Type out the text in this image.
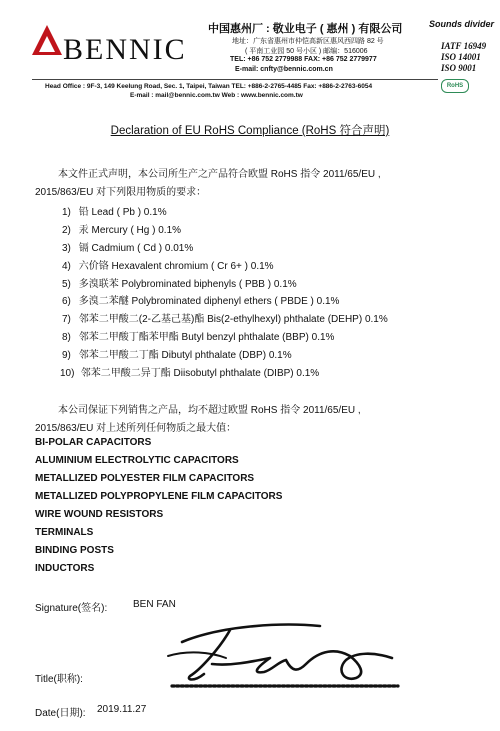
BENNIC
中国惠州厂 : 敬业电子 ( 惠州 ) 有限公司
地址：广东省惠州市仲恺高新区惠风西四路 82 号
( 平南工业园 50 号小区 ) 邮编：516006
TEL: +86 752 2779988 FAX: +86 752 2779977
E-mail: cnfty@bennic.com.cn
Sounds divider
IATF 16949
ISO 14001
ISO 9001
RoHS
Head Office : 9F-3, 149 Keelung Road, Sec. 1, Taipei, Taiwan TEL: +886-2-2765-4485 Fax: +886-2-2763-6054
E-mail : mail@bennic.com.tw Web : www.bennic.com.tw
Declaration of EU RoHS Compliance (RoHS 符合声明)
本文件正式声明，本公司所生产之产品符合欧盟 RoHS 指令 2011/65/EU ,
2015/863/EU 对下列限用物质的要求：
1) 铅 Lead ( Pb ) 0.1%
2) 汞 Mercury ( Hg ) 0.1%
3) 镉 Cadmium ( Cd ) 0.01%
4) 六价铬 Hexavalent chromium ( Cr 6+ ) 0.1%
5) 多溴联苯 Polybrominated biphenyls ( PBB ) 0.1%
6) 多溴二苯醚 Polybrominated diphenyl ethers ( PBDE ) 0.1%
7) 邻苯二甲酸二(2-乙基己基)酯 Bis(2-ethylhexyl) phthalate (DEHP) 0.1%
8) 邻苯二甲酸丁酯苯甲酯 Butyl benzyl phthalate (BBP) 0.1%
9) 邻苯二甲酸二丁酯 Dibutyl phthalate (DBP) 0.1%
10) 邻苯二甲酸二异丁酯 Diisobutyl phthalate (DIBP) 0.1%
本公司保证下列销售之产品，均不超过欧盟 RoHS 指令 2011/65/EU ,
2015/863/EU 对上述所列任何物质之最大值：
BI-POLAR CAPACITORS
ALUMINIUM ELECTROLYTIC CAPACITORS
METALLIZED POLYESTER FILM CAPACITORS
METALLIZED POLYPROPYLENE FILM CAPACITORS
WIRE WOUND RESISTORS
TERMINALS
BINDING POSTS
INDUCTORS
Signature(签名):	BEN FAN
Title(职称):
Date(日期): 2019.11.27
